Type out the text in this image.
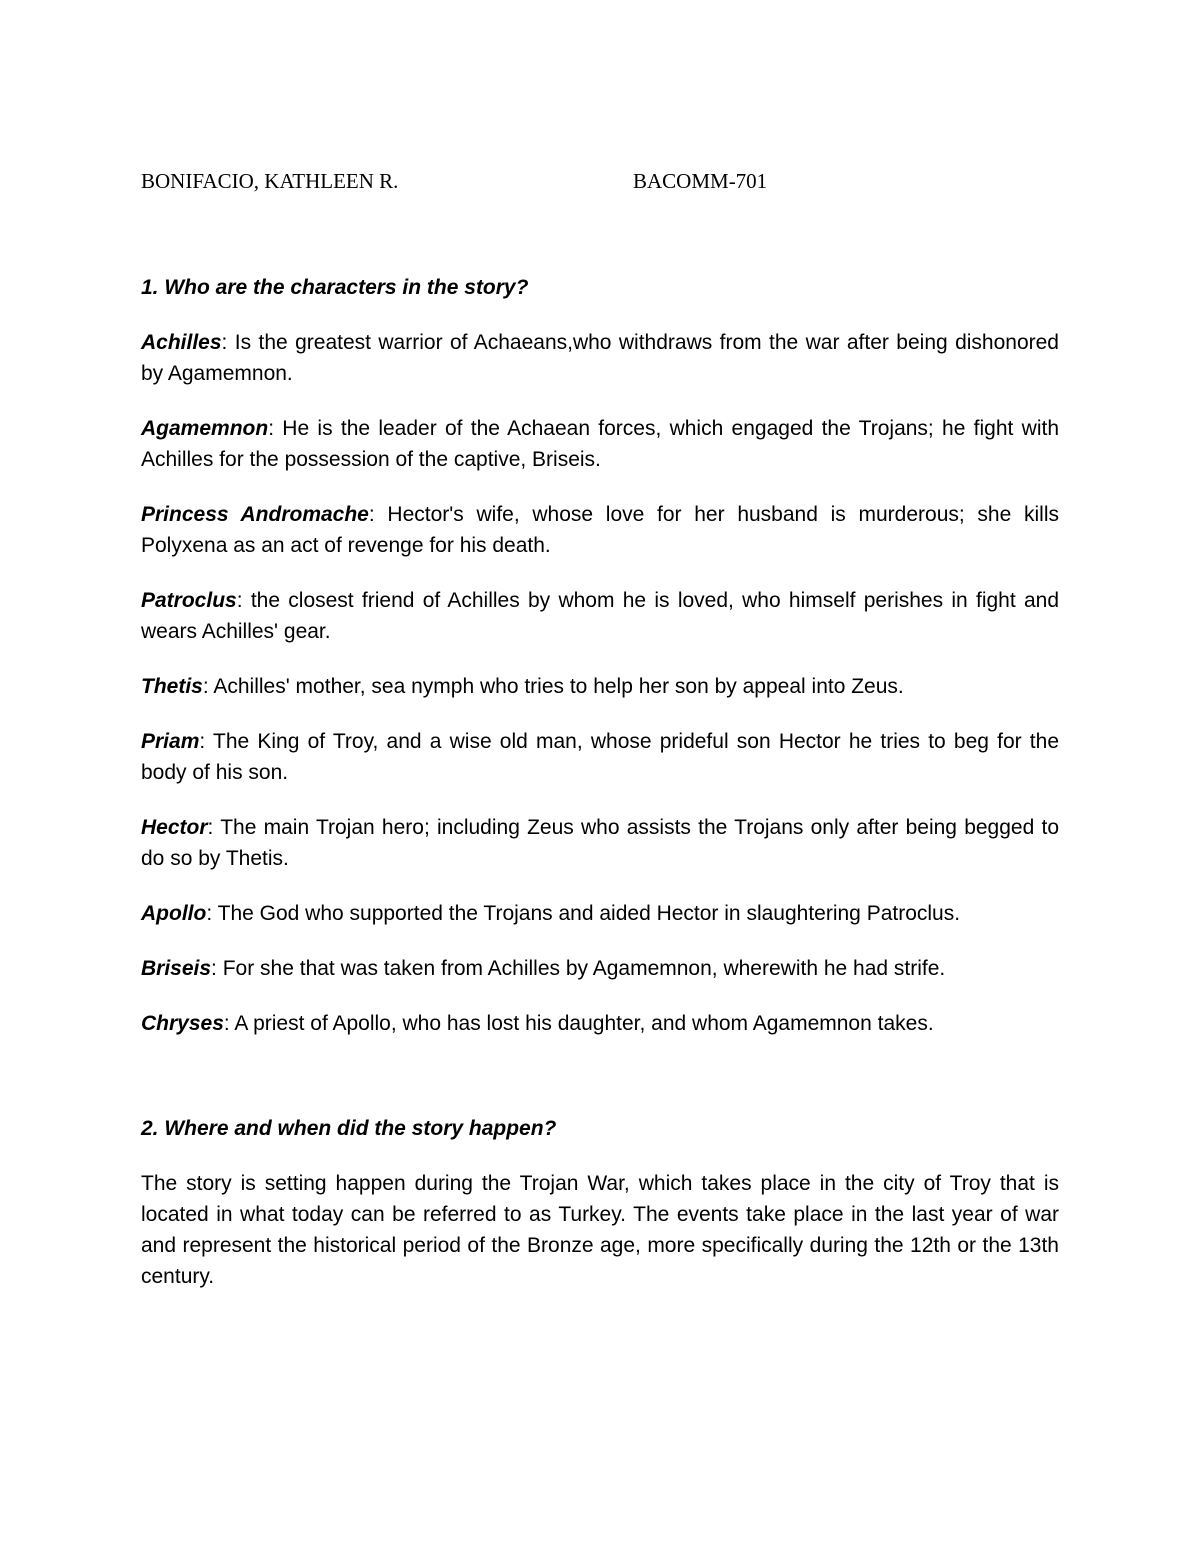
BONIFACIO, KATHLEEN R.	BACOMM-701

1. Who are the characters in the story?

Achilles: Is the greatest warrior of Achaeans,who withdraws from the war after being dishonored by Agamemnon.

Agamemnon: He is the leader of the Achaean forces, which engaged the Trojans; he fight with Achilles for the possession of the captive, Briseis.

Princess Andromache: Hector's wife, whose love for her husband is murderous; she kills Polyxena as an act of revenge for his death.

Patroclus: the closest friend of Achilles by whom he is loved, who himself perishes in fight and wears Achilles' gear.

Thetis: Achilles' mother, sea nymph who tries to help her son by appeal into Zeus.

Priam: The King of Troy, and a wise old man, whose prideful son Hector he tries to beg for the body of his son.

Hector: The main Trojan hero; including Zeus who assists the Trojans only after being begged to do so by Thetis.

Apollo: The God who supported the Trojans and aided Hector in slaughtering Patroclus.

Briseis: For she that was taken from Achilles by Agamemnon, wherewith he had strife.

Chryses: A priest of Apollo, who has lost his daughter, and whom Agamemnon takes.

2. Where and when did the story happen?

The story is setting happen during the Trojan War, which takes place in the city of Troy that is located in what today can be referred to as Turkey. The events take place in the last year of war and represent the historical period of the Bronze age, more specifically during the 12th or the 13th century.
